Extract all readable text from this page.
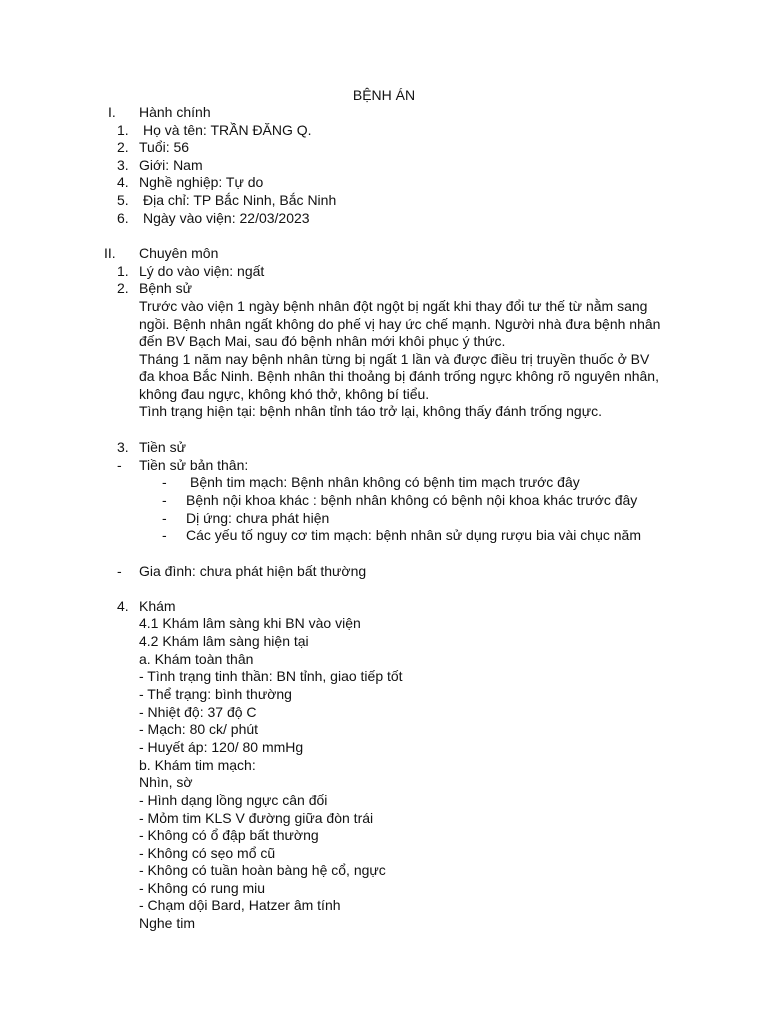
BỆNH ÁN
I. Hành chính
1. Họ và tên: TRẦN ĐĂNG Q.
2. Tuổi: 56
3. Giới: Nam
4. Nghề nghiệp: Tự do
5. Địa chỉ: TP Bắc Ninh, Bắc Ninh
6. Ngày vào viện: 22/03/2023
II. Chuyên môn
1. Lý do vào viện: ngất
2. Bệnh sử
Trước vào viện 1 ngày bệnh nhân đột ngột bị ngất khi thay đổi tư thế từ nằm sang
ngồi. Bệnh nhân ngất không do phế vị hay ức chế mạnh. Người nhà đưa bệnh nhân
đến BV Bạch Mai, sau đó bệnh nhân mới khôi phục ý thức.
Tháng 1 năm nay bệnh nhân từng bị ngất 1 lần và được điều trị truyền thuốc ở BV
đa khoa Bắc Ninh. Bệnh nhân thi thoảng bị đánh trống ngực không rõ nguyên nhân,
không đau ngực, không khó thở, không bí tiểu.
Tình trạng hiện tại: bệnh nhân tỉnh táo trở lại, không thấy đánh trống ngực.
3. Tiền sử
- Tiền sử bản thân:
- Bệnh tim mạch: Bệnh nhân không có bệnh tim mạch trước đây
- Bệnh nội khoa khác : bệnh nhân không có bệnh nội khoa khác trước đây
- Dị ứng: chưa phát hiện
- Các yếu tố nguy cơ tim mạch: bệnh nhân sử dụng rượu bia vài chục năm
- Gia đình: chưa phát hiện bất thường
4. Khám
4.1 Khám lâm sàng khi BN vào viện
4.2 Khám lâm sàng hiện tại
a. Khám toàn thân
- Tình trạng tinh thần: BN tỉnh, giao tiếp tốt
- Thể trạng: bình thường
- Nhiệt độ: 37 độ C
- Mạch: 80 ck/ phút
- Huyết áp: 120/ 80 mmHg
b. Khám tim mạch:
Nhìn, sờ
- Hình dạng lồng ngực cân đối
- Mỏm tim KLS V đường giữa đòn trái
- Không có ổ đập bất thường
- Không có sẹo mổ cũ
- Không có tuần hoàn bàng hệ cổ, ngực
- Không có rung miu
- Chạm dội Bard, Hatzer âm tính
Nghe tim
